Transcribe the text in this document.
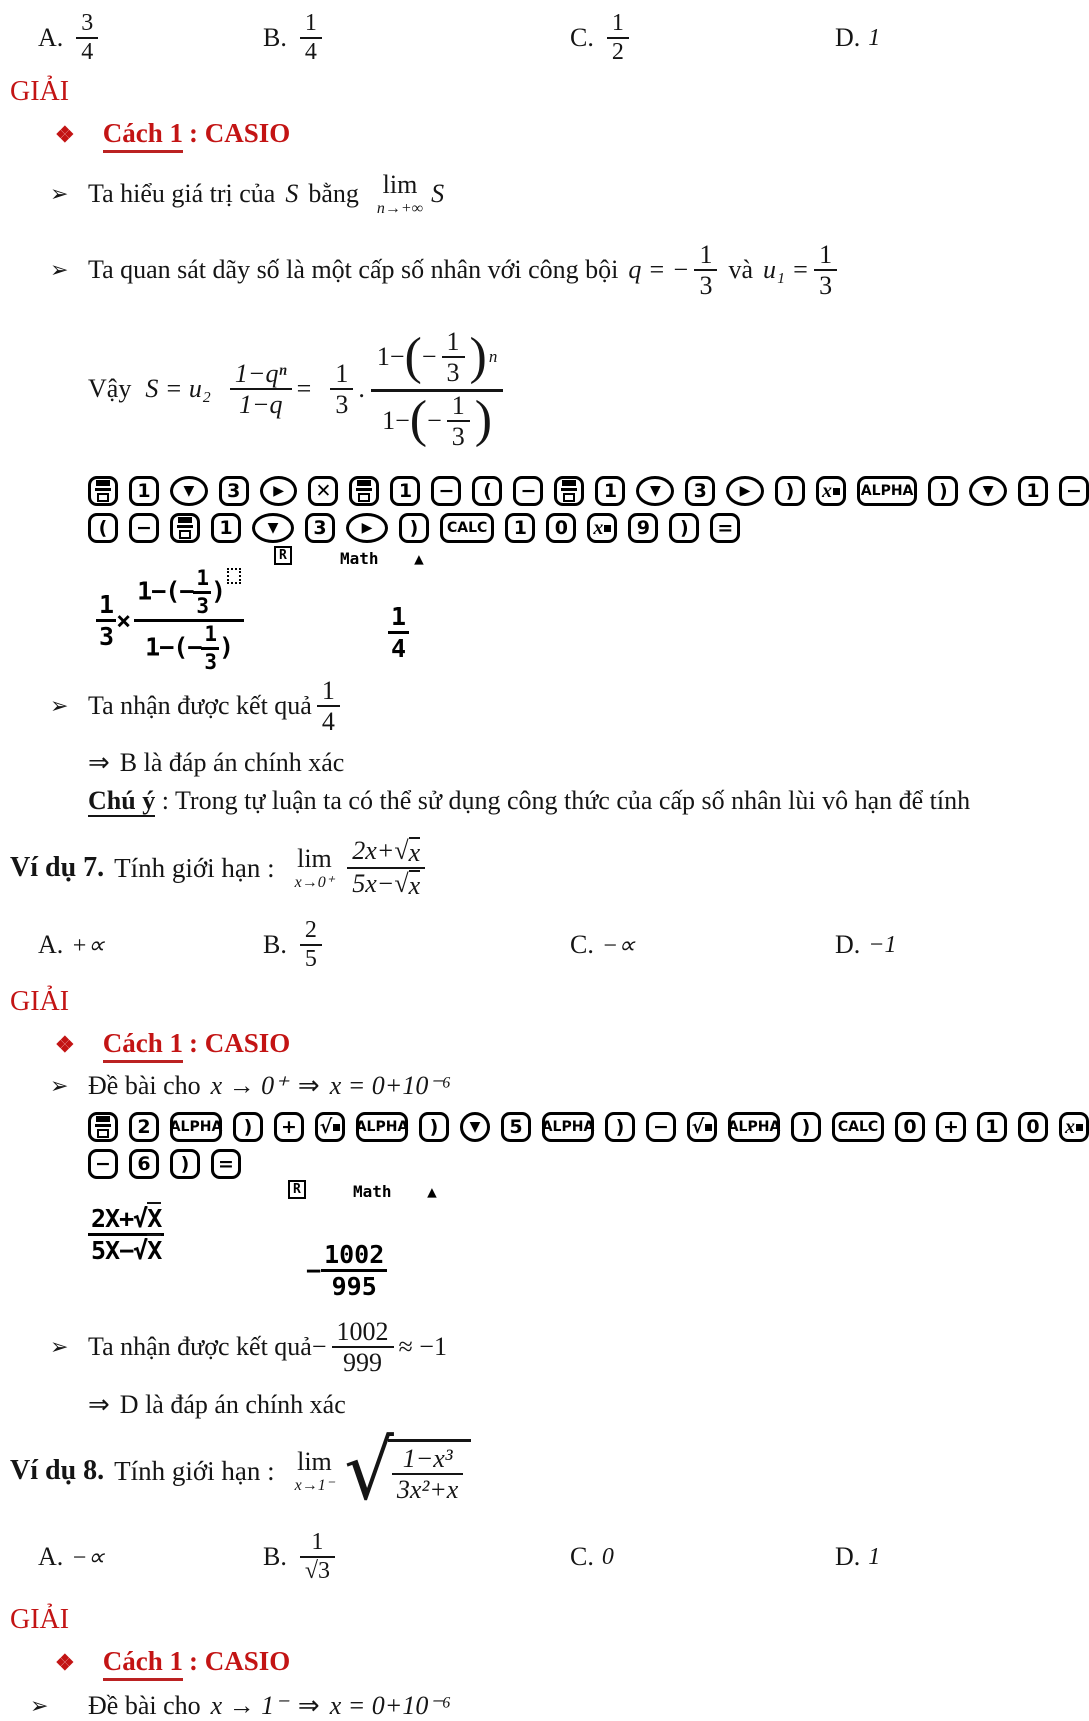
A. $\frac{3}{4}$	B. $\frac{1}{4}$	C. $\frac{1}{2}$	D. 1
GIẢI
❖ Cách 1 : CASIO
➢ Ta hiểu giá trị của S bằng lim
n→+∞ S
➢ Ta quan sát dãy số là một cấp số nhân với công bội q = − $\frac{1}{3}$ và $u_1 = \frac{1}{3}$
Vậy $S = u_2 \frac{\text{1−qⁿ}}{1-q} = \frac{1}{3}$ .
1− ( − $\frac{1}{3}$ ) n
1− ( − $\frac{1}{3}$ )
1	▼	3	▶	✕	1	−	(	−	1	▼	3	▶	)	x ALPHA	)	▼	1	−
(	−	1	▼	3	▶	)	CALC	1	0	x	9	)	=
R	Math ▲
$\frac{1}{3} \times \frac{1-(- \frac{1}{3} )}{1-(- \frac{1}{3} )}$	$\frac{1}{4}$
➢ Ta nhận được kết quả $\frac{1}{4}$
⇒ B là đáp án chính xác
Chú ý : Trong tự luận ta có thể sử dụng công thức của cấp số nhân lùi vô hạn để tính
Ví dụ 7. Tính giới hạn : lim
$x\to 0^+ \frac{2x+ √ x}{5x- √ x}$
A. +∝	B. $\frac{2}{5}$	C. −∝	D. −1
GIẢI
❖ Cách 1 : CASIO
➢ Đề bài cho x → 0⁺ ⇒ x = 0+10⁻⁶
2	ALPHA	)	+	√ ALPHA	)	▼	5	ALPHA	)	−	√ ALPHA	)	CALC	0	+	1	0	x
−	6	)	=
R	Math ▲
$\frac{2X+√X}{5X-√X}$
− $\frac{1002}{995}$
➢ Ta nhận được kết quả − $\frac{1002}{999} \approx -1$
⇒ D là đáp án chính xác
Ví dụ 8. Tính giới hạn : lim
x→1⁻ √
$\frac{\text{1−x³}}{\text{3x²+x}}$
A. −∝	B. $\frac{1}{√3}$	C. 0	D. 1
GIẢI
❖ Cách 1 : CASIO
➢	Đề bài cho x → 1⁻ ⇒ x = 0+10⁻⁶
